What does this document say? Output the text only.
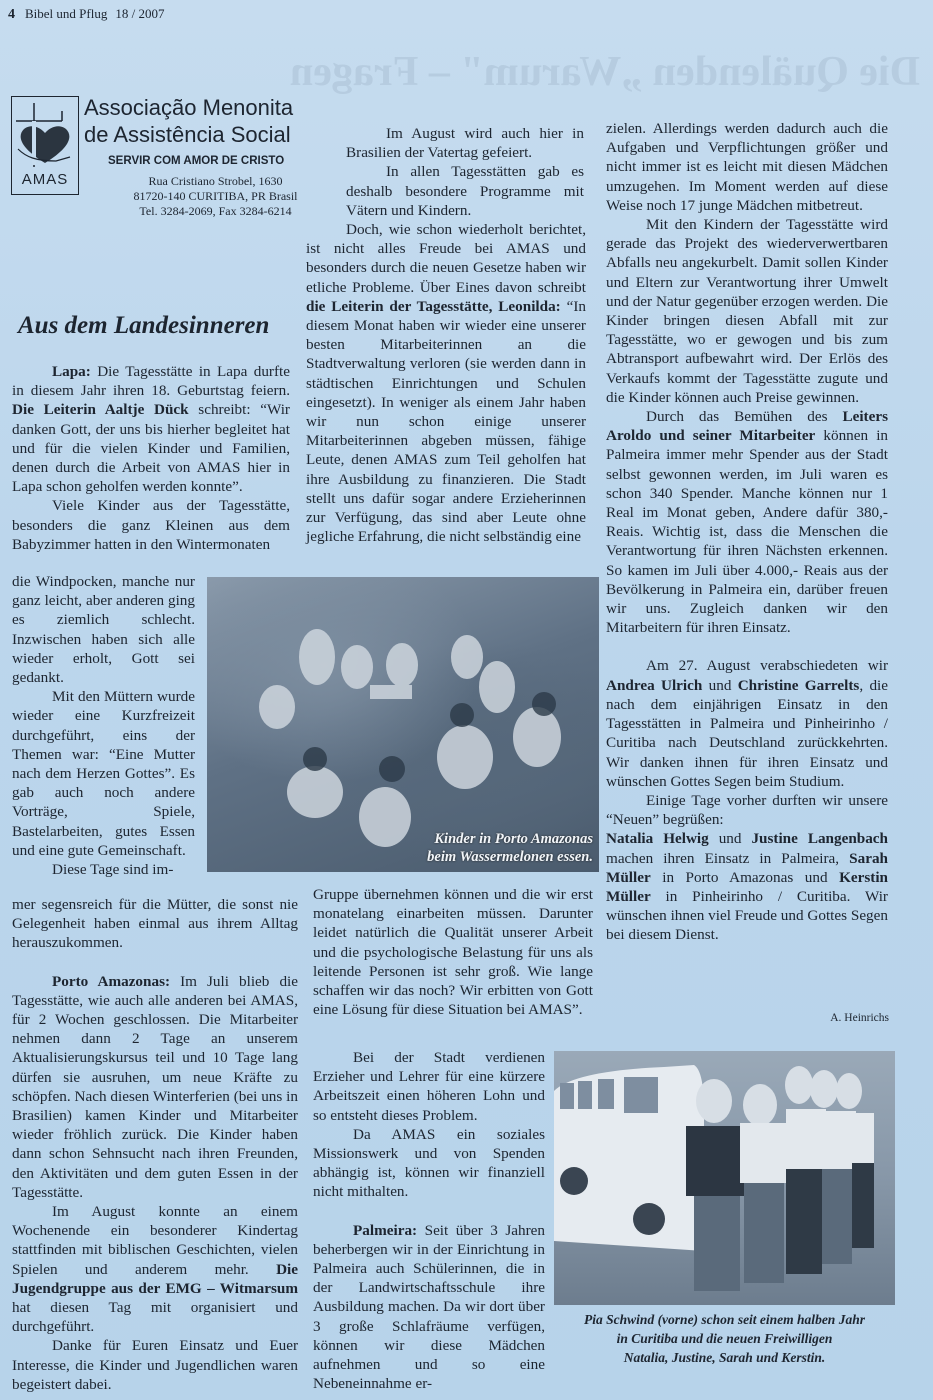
Die Quälenden „Warum" – Fragen
4 Bibel und Pflug 18 / 2007
AMAS
Associação Menonita
de Assistência Social
SERVIR COM AMOR DE CRISTO
Rua Cristiano Strobel, 1630
81720-140 CURITIBA, PR Brasil
Tel. 3284-2069, Fax 3284-6214
Aus dem Landesinneren

Lapa: Die Tagesstätte in Lapa durfte in diesem Jahr ihren 18. Geburtstag feiern. Die Leiterin Aaltje Dück schreibt: “Wir danken Gott, der uns bis hierher begleitet hat und für die vielen Kinder und Familien, denen durch die Arbeit von AMAS hier in Lapa schon geholfen werden konnte”.

Viele Kinder aus der Tagesstätte, besonders die ganz Kleinen aus dem Babyzimmer hatten in den Wintermonaten

die Windpocken, manche nur ganz leicht, aber anderen ging es ziemlich schlecht. Inzwischen haben sich alle wieder erholt, Gott sei gedankt.

Mit den Müttern wurde wieder eine Kurzfreizeit durchgeführt, eins der Themen war: “Eine Mutter nach dem Herzen Gottes”. Es gab auch noch andere Vorträge, Spiele, Bastelarbeiten, gutes Essen und eine gute Gemeinschaft.

Diese Tage sind im-

mer segensreich für die Mütter, die sonst nie Gelegenheit haben einmal aus ihrem Alltag herauszukommen.

Porto Amazonas: Im Juli blieb die Tagesstätte, wie auch alle anderen bei AMAS, für 2 Wochen geschlossen. Die Mitarbeiter nehmen dann 2 Tage an unserem Aktualisierungskursus teil und 10 Tage lang dürfen sie ausruhen, um neue Kräfte zu schöpfen. Nach diesen Winterferien (bei uns in Brasilien) kamen Kinder und Mitarbeiter wieder fröhlich zurück. Die Kinder haben dann schon Sehnsucht nach ihren Freunden, den Aktivitäten und dem guten Essen in der Tagesstätte.

Im August konnte an einem Wochenende ein besonderer Kindertag stattfinden mit biblischen Geschichten, vielen Spielen und anderem mehr. Die Jugendgruppe aus der EMG – Witmarsum hat diesen Tag mit organisiert und durchgeführt.

Danke für Euren Einsatz und Euer Interesse, die Kinder und Jugendlichen waren begeistert dabei.

Im August wird auch hier in Brasilien der Vatertag gefeiert.

In allen Tagesstätten gab es deshalb besondere Programme mit Vätern und Kindern.

Doch, wie schon wiederholt berichtet, ist nicht alles Freude bei AMAS und besonders durch die neuen Gesetze haben wir etliche Probleme. Über Eines davon schreibt die Leiterin der Tagesstätte, Leonilda: “In diesem Monat haben wir wieder eine unserer besten Mitarbeiterinnen an die Stadtverwaltung verloren (sie werden dann in städtischen Einrichtungen und Schulen eingesetzt). In weniger als einem Jahr haben wir nun schon einige unserer Mitarbeiterinnen abgeben müssen, fähige Leute, denen AMAS zum Teil geholfen hat ihre Ausbildung zu finanzieren. Die Stadt stellt uns dafür sogar andere Erzieherinnen zur Verfügung, das sind aber Leute ohne jegliche Erfahrung, die nicht selbständig eine

Kinder in Porto Amazonas
beim Wassermelonen essen.

Gruppe übernehmen können und die wir erst monatelang einarbeiten müssen. Darunter leidet natürlich die Qualität unserer Arbeit und die psychologische Belastung für uns als leitende Personen ist sehr groß. Wie lange schaffen wir das noch? Wir erbitten von Gott eine Lösung für diese Situation bei AMAS”.

Bei der Stadt verdienen Erzieher und Lehrer für eine kürzere Arbeitszeit einen höheren Lohn und so entsteht dieses Problem.

Da AMAS ein soziales Missionswerk und von Spenden abhängig ist, können wir finanziell nicht mithalten.

Palmeira: Seit über 3 Jahren beherbergen wir in der Einrichtung in Palmeira auch Schülerinnen, die in der Landwirtschaftsschule ihre Ausbildung machen. Da wir dort über 3 große Schlafräume verfügen, können wir diese Mädchen aufnehmen und so eine Nebeneinnahme er-

zielen. Allerdings werden dadurch auch die Aufgaben und Verpflichtungen größer und nicht immer ist es leicht mit diesen Mädchen umzugehen. Im Moment werden auf diese Weise noch 17 junge Mädchen mitbetreut.

Mit den Kindern der Tagesstätte wird gerade das Projekt des wiederverwertbaren Abfalls neu angekurbelt. Damit sollen Kinder und Eltern zur Verantwortung ihrer Umwelt und der Natur gegenüber erzogen werden. Die Kinder bringen diesen Abfall mit zur Tagesstätte, wo er gewogen und bis zum Abtransport aufbewahrt wird. Der Erlös des Verkaufs kommt der Tagesstätte zugute und die Kinder können auch Preise gewinnen.

Durch das Bemühen des Leiters Aroldo und seiner Mitarbeiter können in Palmeira immer mehr Spender aus der Stadt selbst gewonnen werden, im Juli waren es schon 340 Spender. Manche können nur 1 Real im Monat geben, Andere dafür 380,- Reais. Wichtig ist, dass die Menschen die Verantwortung für ihren Nächsten erkennen. So kamen im Juli über 4.000,- Reais aus der Bevölkerung in Palmeira ein, darüber freuen wir uns. Zugleich danken wir den Mitarbeitern für ihren Einsatz.

Am 27. August verabschiedeten wir Andrea Ulrich und Christine Garrelts, die nach dem einjährigen Einsatz in den Tagesstätten in Palmeira und Pinheirinho / Curitiba nach Deutschland zurückkehrten. Wir danken ihnen für ihren Einsatz und wünschen Gottes Segen beim Studium.

Einige Tage vorher durften wir unsere “Neuen” begrüßen:

Natalia Helwig und Justine Langenbach machen ihren Einsatz in Palmeira, Sarah Müller in Porto Amazonas und Kerstin Müller in Pinheirinho / Curitiba. Wir wünschen ihnen viel Freude und Gottes Segen bei diesem Dienst.

A. Heinrichs
Pia Schwind (vorne) schon seit einem halben Jahr
in Curitiba und die neuen Freiwilligen
Natalia, Justine, Sarah und Kerstin.
